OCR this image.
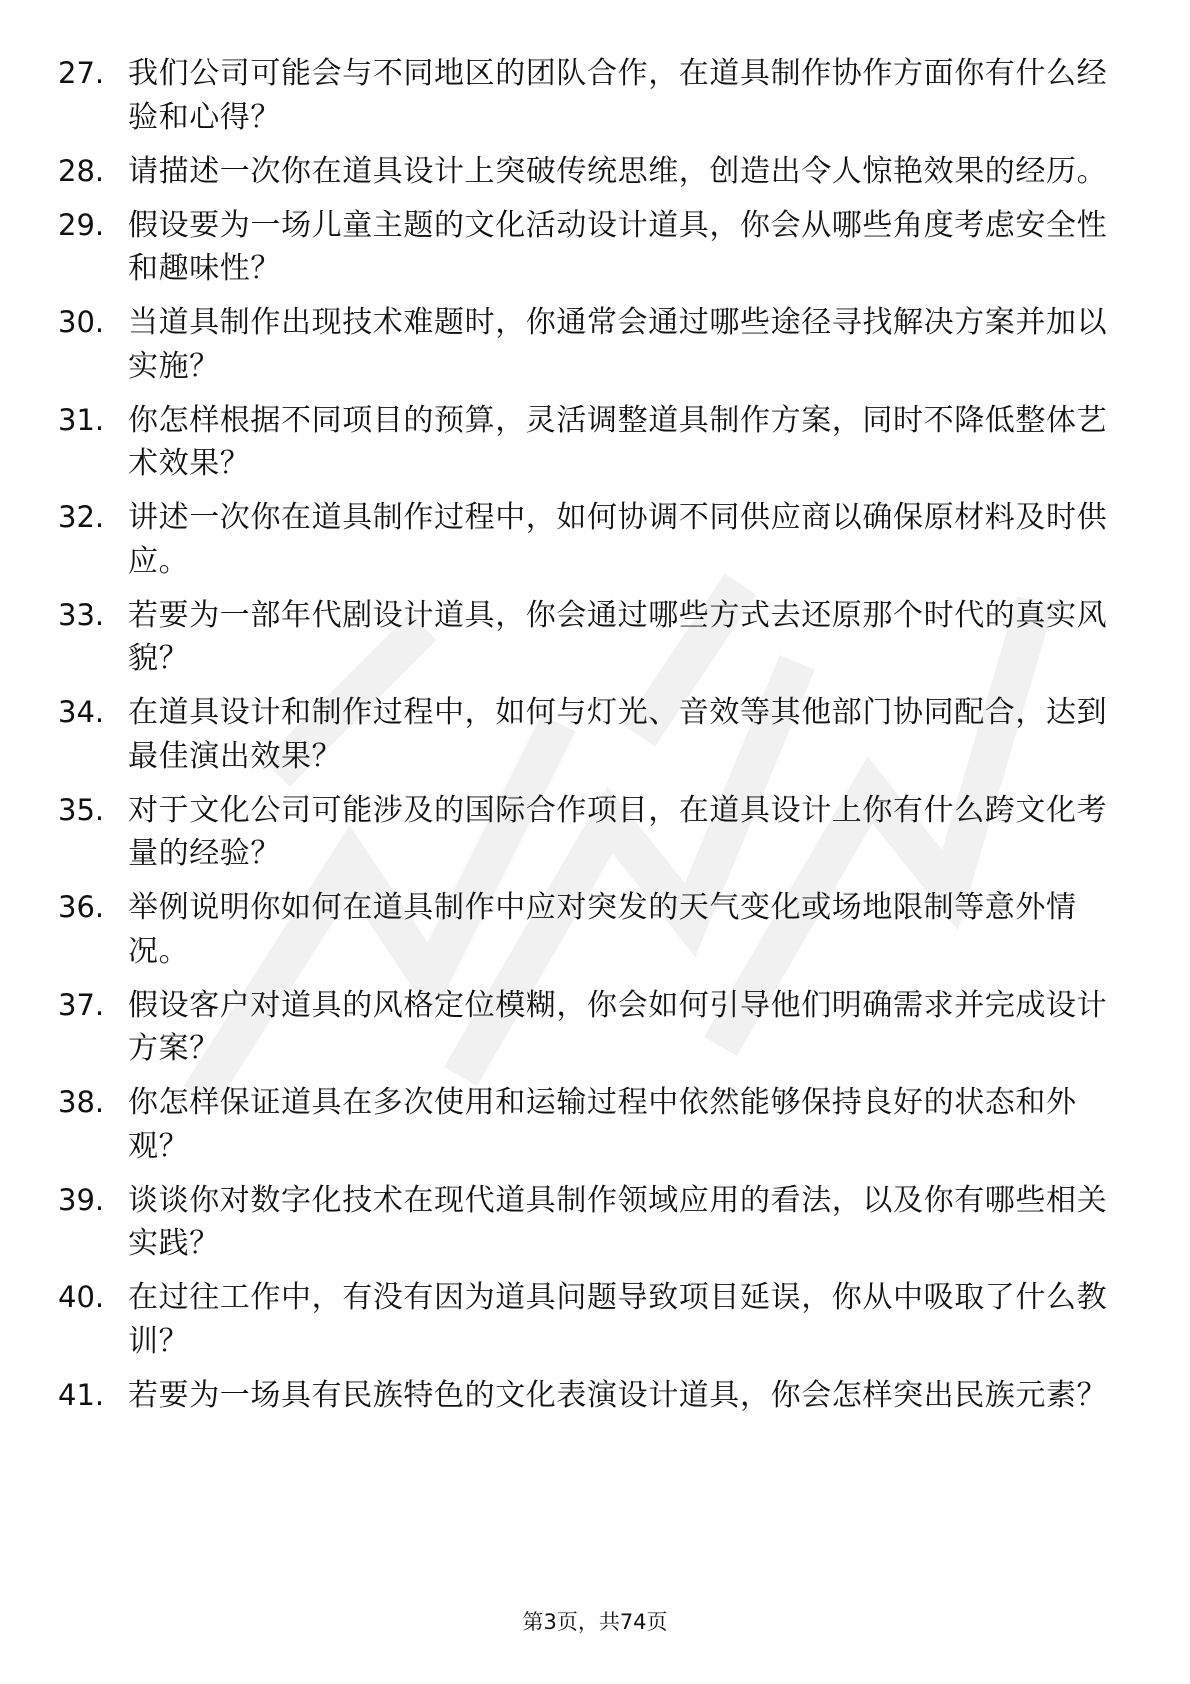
27. 我们公司可能会与不同地区的团队合作，在道具制作协作方面你有什么经验和心得？
28. 请描述一次你在道具设计上突破传统思维，创造出令人惊艳效果的经历。
29. 假设要为一场儿童主题的文化活动设计道具，你会从哪些角度考虑安全性和趣味性？
30. 当道具制作出现技术难题时，你通常会通过哪些途径寻找解决方案并加以实施？
31. 你怎样根据不同项目的预算，灵活调整道具制作方案，同时不降低整体艺术效果？
32. 讲述一次你在道具制作过程中，如何协调不同供应商以确保原材料及时供应。
33. 若要为一部年代剧设计道具，你会通过哪些方式去还原那个时代的真实风貌？
34. 在道具设计和制作过程中，如何与灯光、音效等其他部门协同配合，达到最佳演出效果？
35. 对于文化公司可能涉及的国际合作项目，在道具设计上你有什么跨文化考量的经验？
36. 举例说明你如何在道具制作中应对突发的天气变化或场地限制等意外情况。
37. 假设客户对道具的风格定位模糊，你会如何引导他们明确需求并完成设计方案？
38. 你怎样保证道具在多次使用和运输过程中依然能够保持良好的状态和外观？
39. 谈谈你对数字化技术在现代道具制作领域应用的看法，以及你有哪些相关实践？
40. 在过往工作中，有没有因为道具问题导致项目延误，你从中吸取了什么教训？
41. 若要为一场具有民族特色的文化表演设计道具，你会怎样突出民族元素？
第3页，共74页
